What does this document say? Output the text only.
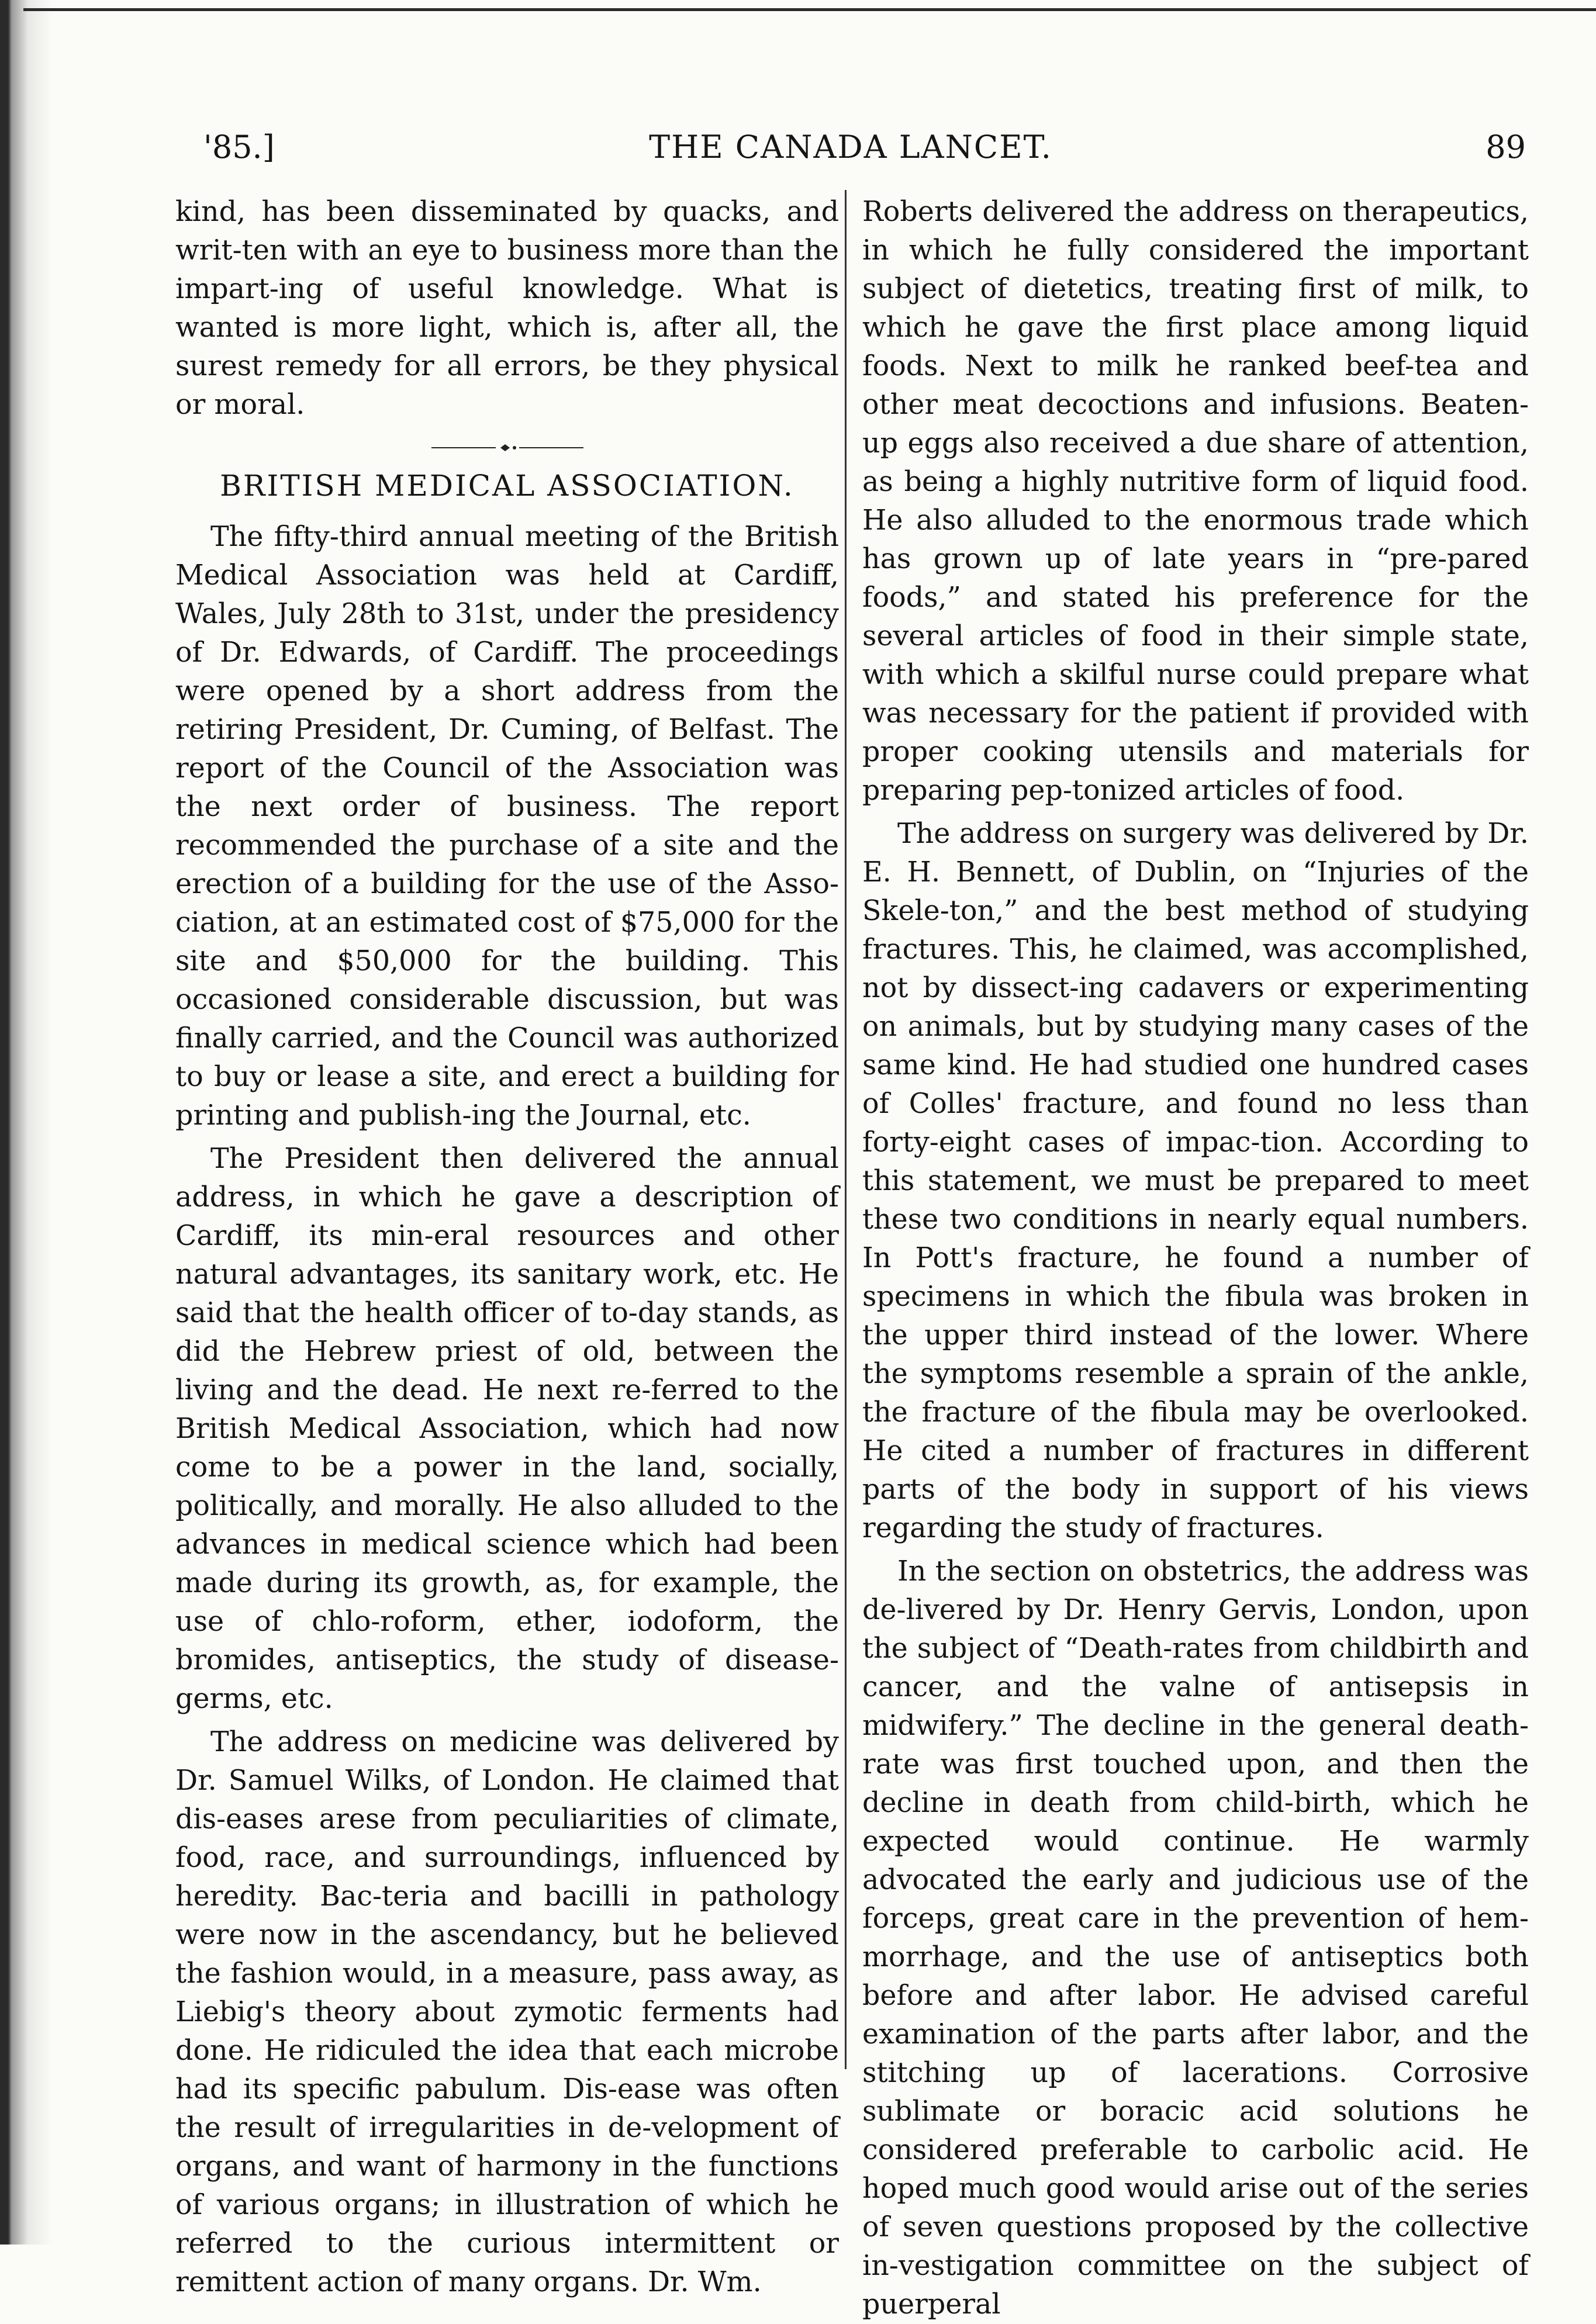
'85.]	THE CANADA LANCET.	89

kind, has been disseminated by quacks, and writ-ten with an eye to business more than the impart-ing of useful knowledge. What is wanted is more light, which is, after all, the surest remedy for all errors, be they physical or moral.

BRITISH MEDICAL ASSOCIATION.

The fifty-third annual meeting of the British Medical Association was held at Cardiff, Wales, July 28th to 31st, under the presidency of Dr. Edwards, of Cardiff. The proceedings were opened by a short address from the retiring President, Dr. Cuming, of Belfast. The report of the Council of the Association was the next order of business. The report recommended the purchase of a site and the erection of a building for the use of the Asso-ciation, at an estimated cost of $75,000 for the site and $50,000 for the building. This occasioned considerable discussion, but was finally carried, and the Council was authorized to buy or lease a site, and erect a building for printing and publish-ing the Journal, etc.

The President then delivered the annual address, in which he gave a description of Cardiff, its min-eral resources and other natural advantages, its sanitary work, etc. He said that the health officer of to-day stands, as did the Hebrew priest of old, between the living and the dead. He next re-ferred to the British Medical Association, which had now come to be a power in the land, socially, politically, and morally. He also alluded to the advances in medical science which had been made during its growth, as, for example, the use of chlo-roform, ether, iodoform, the bromides, antiseptics, the study of disease-germs, etc.

The address on medicine was delivered by Dr. Samuel Wilks, of London. He claimed that dis-eases arese from peculiarities of climate, food, race, and surroundings, influenced by heredity. Bac-teria and bacilli in pathology were now in the ascendancy, but he believed the fashion would, in a measure, pass away, as Liebig's theory about zymotic ferments had done. He ridiculed the idea that each microbe had its specific pabulum. Dis-ease was often the result of irregularities in de-velopment of organs, and want of harmony in the functions of various organs; in illustration of which he referred to the curious intermittent or remittent action of many organs. Dr. Wm.

Roberts delivered the address on therapeutics, in which he fully considered the important subject of dietetics, treating first of milk, to which he gave the first place among liquid foods. Next to milk he ranked beef-tea and other meat decoctions and infusions. Beaten-up eggs also received a due share of attention, as being a highly nutritive form of liquid food. He also alluded to the enormous trade which has grown up of late years in “pre-pared foods,” and stated his preference for the several articles of food in their simple state, with which a skilful nurse could prepare what was necessary for the patient if provided with proper cooking utensils and materials for preparing pep-tonized articles of food.

The address on surgery was delivered by Dr. E. H. Bennett, of Dublin, on “Injuries of the Skele-ton,” and the best method of studying fractures. This, he claimed, was accomplished, not by dissect-ing cadavers or experimenting on animals, but by studying many cases of the same kind. He had studied one hundred cases of Colles' fracture, and found no less than forty-eight cases of impac-tion. According to this statement, we must be prepared to meet these two conditions in nearly equal numbers. In Pott's fracture, he found a number of specimens in which the fibula was broken in the upper third instead of the lower. Where the symptoms resemble a sprain of the ankle, the fracture of the fibula may be overlooked. He cited a number of fractures in different parts of the body in support of his views regarding the study of fractures.

In the section on obstetrics, the address was de-livered by Dr. Henry Gervis, London, upon the subject of “Death-rates from childbirth and cancer, and the valne of antisepsis in midwifery.” The decline in the general death-rate was first touched upon, and then the decline in death from child-birth, which he expected would continue. He warmly advocated the early and judicious use of the forceps, great care in the prevention of hem-morrhage, and the use of antiseptics both before and after labor. He advised careful examination of the parts after labor, and the stitching up of lacerations. Corrosive sublimate or boracic acid solutions he considered preferable to carbolic acid. He hoped much good would arise out of the series of seven questions proposed by the collective in-vestigation committee on the subject of puerperal
